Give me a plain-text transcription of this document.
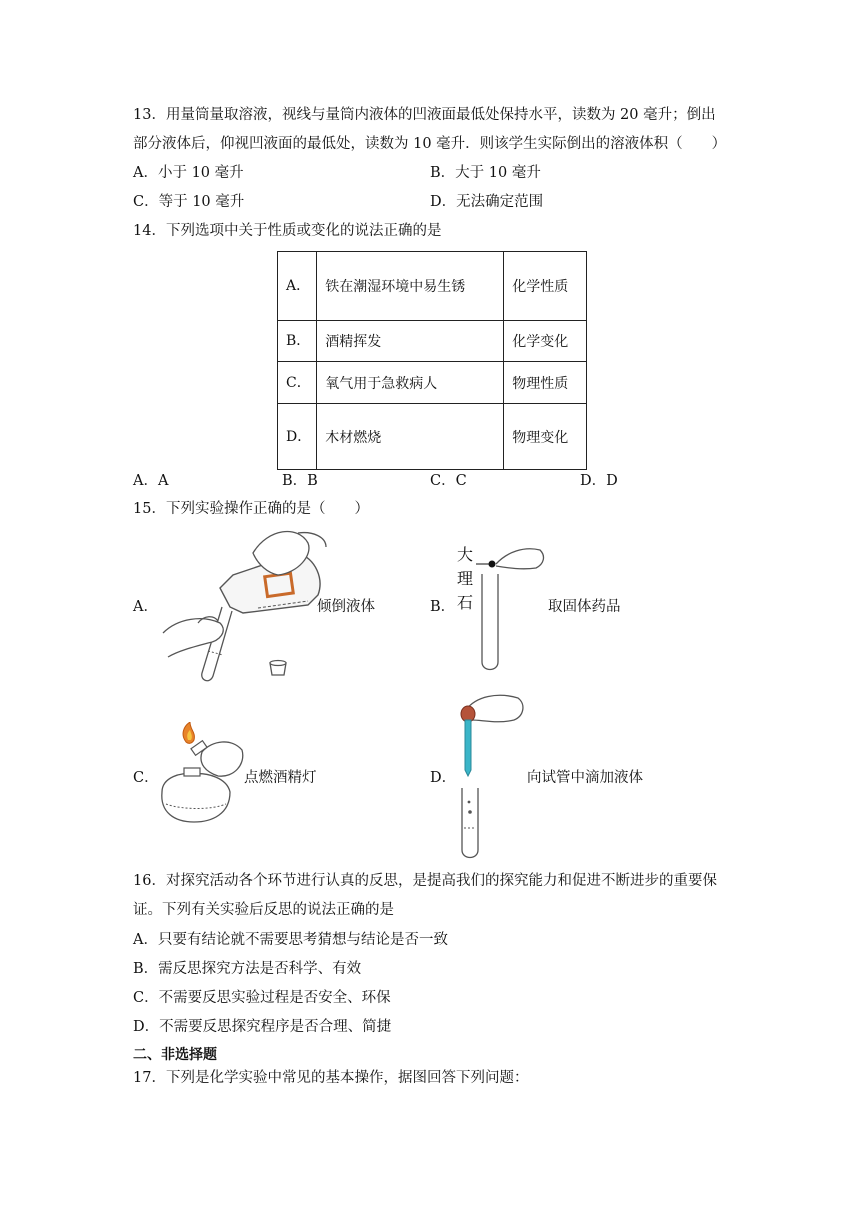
13．用量筒量取溶液，视线与量筒内液体的凹液面最低处保持水平，读数为 20 毫升；倒出
部分液体后，仰视凹液面的最低处，读数为 10 毫升．则该学生实际倒出的溶液体积（　　）
A．小于 10 毫升	B．大于 10 毫升
C．等于 10 毫升	D．无法确定范围
14．下列选项中关于性质或变化的说法正确的是
A．	铁在潮湿环境中易生锈	化学性质
B．	酒精挥发	化学变化
C．	氧气用于急救病人	物理性质
D．	木材燃烧	物理变化
A．A	B．B	C．C	D．D
15．下列实验操作正确的是（　　）
A．	倾倒液体	B．
大
理
石	取固体药品
C．	点燃酒精灯	D．	向试管中滴加液体
16．对探究活动各个环节进行认真的反思，是提高我们的探究能力和促进不断进步的重要保
证。下列有关实验后反思的说法正确的是
A．只要有结论就不需要思考猜想与结论是否一致
B．需反思探究方法是否科学、有效
C．不需要反思实验过程是否安全、环保
D．不需要反思探究程序是否合理、简捷
二、非选择题
17．下列是化学实验中常见的基本操作，据图回答下列问题：
